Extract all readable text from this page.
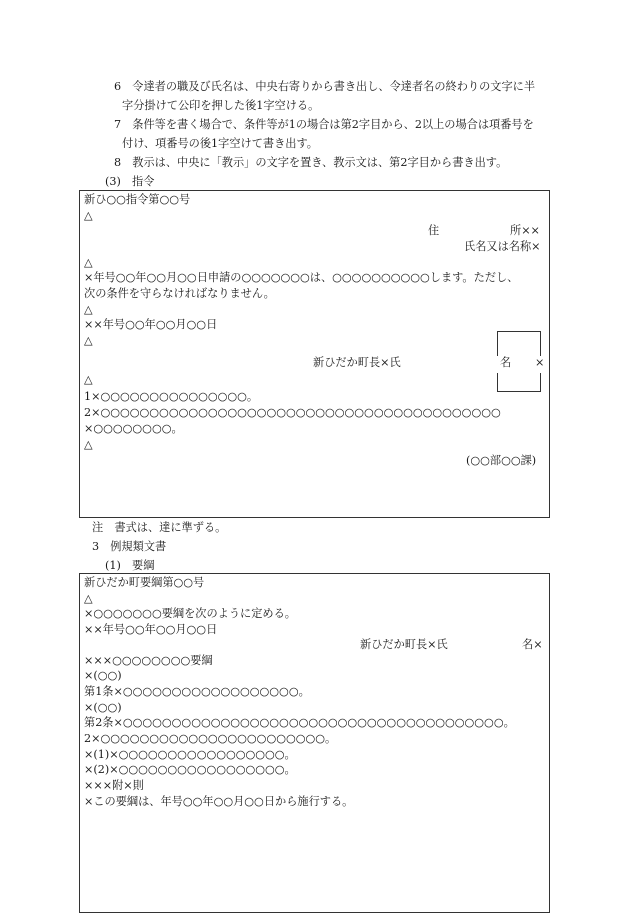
6　令達者の職及び氏名は、中央右寄りから書き出し、令達者名の終わりの文字に半
字分掛けて公印を押した後1字空ける。
7　条件等を書く場合で、条件等が1の場合は第2字目から、2以上の場合は項番号を
付け、項番号の後1字空けて書き出す。
8　教示は、中央に「教示」の文字を置き、教示文は、第2字目から書き出す。
(3)　指令
新ひ○○指令第○○号
△
住	所××
氏名又は名称×
△
×年号○○年○○月○○日申請の○○○○○○○は、○○○○○○○○○○します。ただし、
次の条件を守らなければなりません。
△
××年号○○年○○月○○日
△
新ひだか町長×氏	名 ×
△
1×○○○○○○○○○○○○○○○。
2×○○○○○○○○○○○○○○○○○○○○○○○○○○○○○○○○○○○○○○○○○
×○○○○○○○○。
△
(○○部○○課)
注　書式は、達に準ずる。
3　例規類文書
(1)　要綱
新ひだか町要綱第○○号
△
×○○○○○○○要綱を次のように定める。
××年号○○年○○月○○日
新ひだか町長×氏	名×
×××○○○○○○○○要綱
×(○○)
第1条×○○○○○○○○○○○○○○○○○○。
×(○○)
第2条×○○○○○○○○○○○○○○○○○○○○○○○○○○○○○○○○○○○○○○○。
2×○○○○○○○○○○○○○○○○○○○○○○○。
×(1)×○○○○○○○○○○○○○○○○○。
×(2)×○○○○○○○○○○○○○○○○○。
×××附×則
×この要綱は、年号○○年○○月○○日から施行する。
